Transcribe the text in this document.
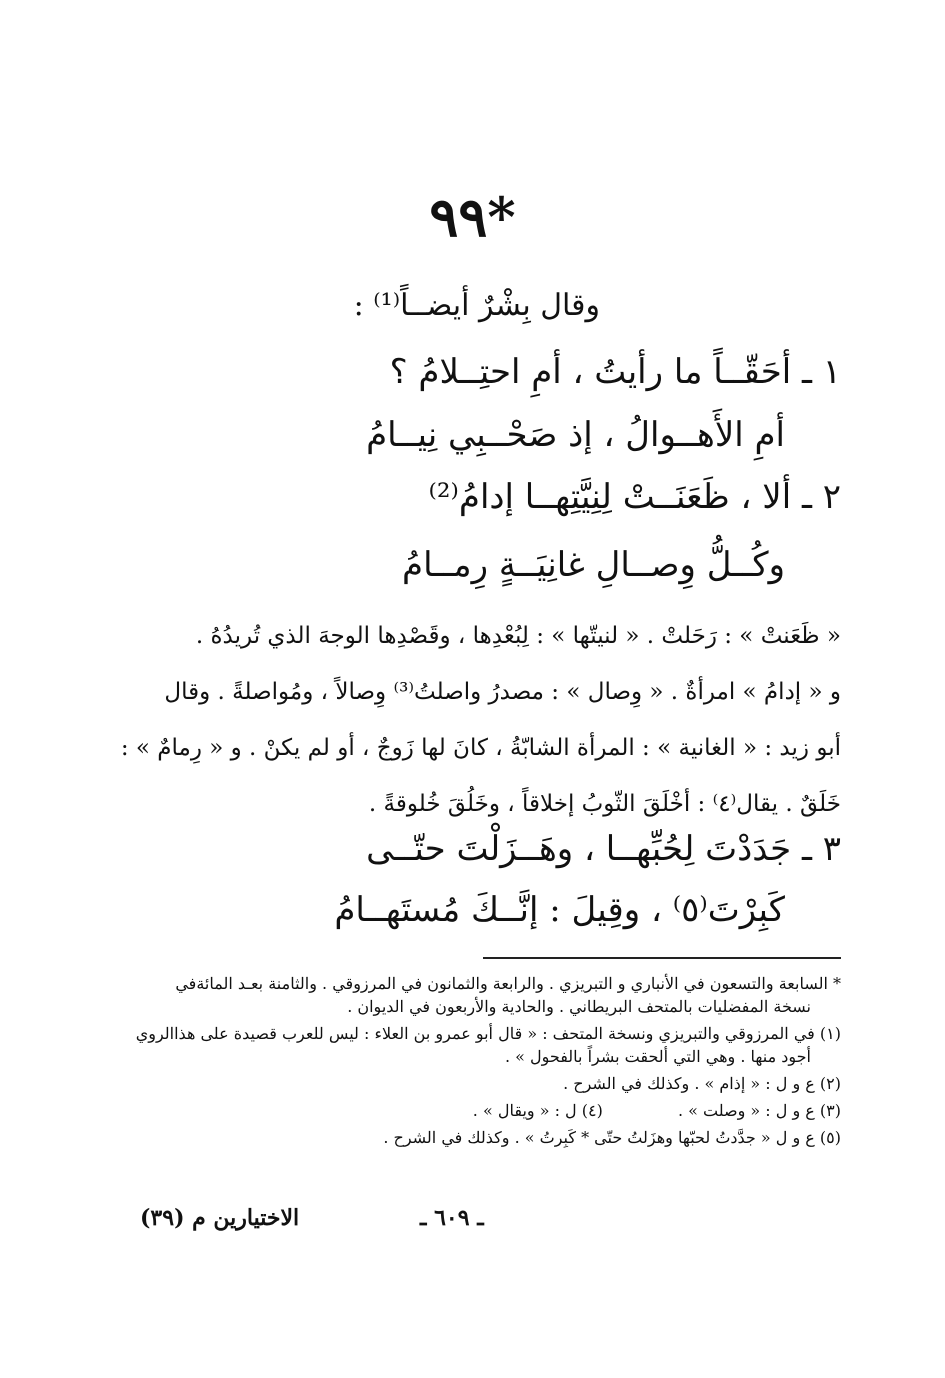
٩٩*
وقال بِشْرٌ أيضــاً⁽¹⁾ :
١ ـ أحَقّــاً ما رأيتُ ، أمِ احتِــلامُ ؟
أمِ الأَهــوالُ ، إذ صَحْــبِي نِيــامُ
٢ ـ ألا ، ظَعَنَــتْ لِنِيَّتِهــا إدامُ⁽²⁾
وكُــلُّ وِصــالِ غانِيَــةٍ رِمــامُ

« ظَعَنتْ » : رَحَلتْ . « لنيتّها » : لِبُعْدِها ، وقَصْدِها الوجهَ الذي تُريدُهُ .

و « إدامُ » امرأةٌ . « وِصال » : مصدرُ واصلتُ⁽³⁾ وِصالاً ، ومُواصلةً . وقال

أبو زيد : « الغانية » : المرأة الشابّةُ ، كانَ لها زَوجٌ ، أو لم يكنْ . و « رِمامٌ » :

خَلَقٌ . يقال⁽٤⁾ : أخْلَقَ الثّوبُ إخلاقاً ، وخَلُقَ خُلوقةً .

٣ ـ جَدَدْتَ لِحُبِّهــا ، وهَــزَلْتَ حتّــى
كَبِرْتَ⁽٥⁾ ، وقِيلَ : إنَّــكَ مُستَهــامُ
* السابعة والتسعون في الأنباري و التبريزي . والرابعة والثمانون في المرزوقي . والثامنة بعـد المائةفي
نسخة المفضليات بالمتحف البريطاني . والحادية والأربعون في الديوان .
(١) في المرزوقي والتبريزي ونسخة المتحف : « قال أبو عمرو بن العلاء : ليس للعرب قصيدة على هذاالروي
أجود منها . وهي التي ألحقت بشراً بالفحول » .
(٢) ع و ل : « إذام » . وكذلك في الشرح .
(٣) ع و ل : « وصلت » . (٤) ل : « ويقال » .
(٥) ع و ل « جدَّدتُ لحبّها وهزَلتُ حتّى * كَبِرتُ » . وكذلك في الشرح .
الاختيارين م (٣٩)	ـ ٦٠٩ ـ
